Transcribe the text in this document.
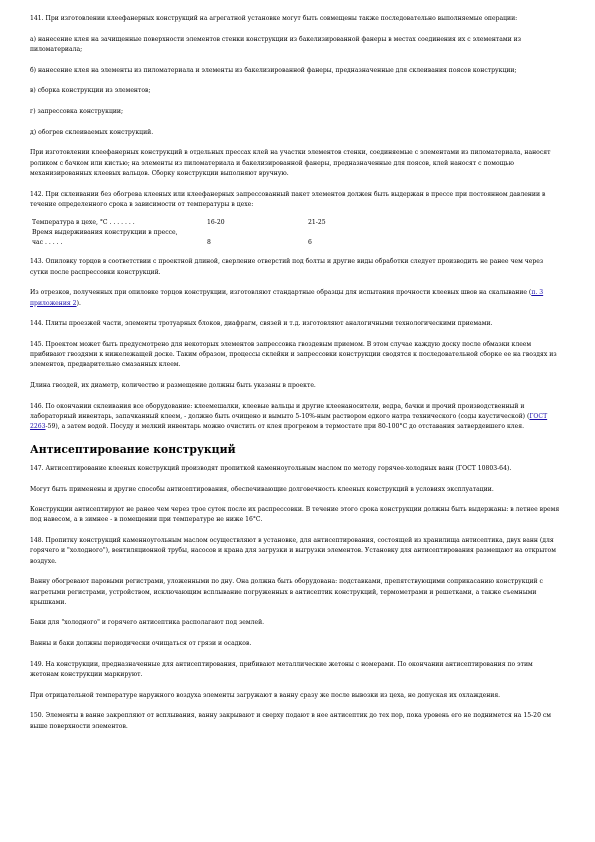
141. При изготовлении клеефанерных конструкций на агрегатной установке могут быть совмещены также последовательно выполняемые операции:

а) нанесение клея на зачищенные поверхности элементов стенки конструкции из бакелизированной фанеры в местах соединения их с элементами из пиломатериала;

б) нанесение клея на элементы из пиломатериала и элементы из бакелизированной фанеры, предназначенные для склеивания поясов конструкции;

в) сборка конструкции из элементов;

г) запрессовка конструкции;

д) обогрев склеиваемых конструкций.

При изготовлении клеефанерных конструкций в отдельных прессах клей на участки элементов стенки, соединяемые с элементами из пиломатериала, наносят роликом с бачком или кистью; на элементы из пиломатериала и бакелизированной фанеры, предназначенные для поясов, клей наносят с помощью механизированных клеевых вальцов. Сборку конструкции выполняют вручную.

142. При склеивании без обогрева клееных или клеефанерных запрессованный пакет элементов должен быть выдержан в прессе при постоянном давлении в течение определенного срока в зависимости от температуры в цехе:

Температура в цехе, °С . . . . . . .	16-20	21-25

Время выдерживания конструкции в прессе,
час . . . . .	8	6

143. Опиловку торцов в соответствии с проектной длиной, сверление отверстий под болты и другие виды обработки следует производить не ранее чем через сутки после распрессовки конструкций.

Из отрезков, полученных при опиловке торцов конструкции, изготовляют стандартные образцы для испытания прочности клеевых швов на скалывание (п. 3 приложения 2).

144. Плиты проезжей части, элементы тротуарных блоков, диафрагм, связей и т.д. изготовляют аналогичными технологическими приемами.

145. Проектом может быть предусмотрено для некоторых элементов запрессовка гвоздевым приемом. В этом случае каждую доску после обмазки клеем прибивают гвоздями к нижележащей доске. Таким образом, процессы склейки и запрессовки конструкции сводятся к последовательной сборке ее на гвоздях из элементов, предварительно смазанных клеем.

Длина гвоздей, их диаметр, количество и размещение должны быть указаны в проекте.

146. По окончании склеивания все оборудование: клеемешалки, клеевые вальцы и другие клеенаносители, ведра, бачки и прочий производственный и лабораторный инвентарь, запачканный клеем, - должно быть очищено и вымыто 5-10%-ным раствором едкого натра технического (соды каустической) (ГОСТ 2263-59), а затем водой. Посуду и мелкий инвентарь можно очистить от клея прогревом в термостате при 80-100°С до отставания затвердевшего клея.

Антисептирование конструкций

147. Антисептирование клееных конструкций производят пропиткой каменноугольным маслом по методу горячее-холодных ванн (ГОСТ 10803-64).

Могут быть применены и другие способы антисептирования, обеспечивающие долговечность клееных конструкций в условиях эксплуатации.

Конструкции антисептируют не ранее чем через трое суток после их распрессовки. В течение этого срока конструкции должны быть выдержаны: в летнее время под навесом, а в зимнее - в помещении при температуре не ниже 16°С.

148. Пропитку конструкций каменноугольным маслом осуществляют в установке, для антисептирования, состоящей из хранилища антисептика, двух ванн (для горячего и "холодного"), вентиляционной трубы, насосов и крана для загрузки и выгрузки элементов. Установку для антисептирования размещают на открытом воздухе.

Ванну обогревают паровыми регистрами, уложенными по дну. Она должна быть оборудована: подставками, препятствующими соприкасанию конструкций с нагретыми регистрами, устройством, исключающим всплывание погруженных в антисептик конструкций, термометрами и решетками, а также съемными крышками.

Баки для "холодного" и горячего антисептика располагают под землей.

Ванны и баки должны периодически очищаться от грязи и осадков.

149. На конструкции, предназначенные для антисептирования, прибивают металлические жетоны с номерами. По окончании антисептирования по этим жетонам конструкции маркируют.

При отрицательной температуре наружного воздуха элементы загружают в ванну сразу же после вывозки из цеха, не допуская их охлаждения.

150. Элементы в ванне закрепляют от всплывания, ванну закрывают и сверху подают в нее антисептик до тех пор, пока уровень его не поднимется на 15-20 см выше поверхности элементов.
